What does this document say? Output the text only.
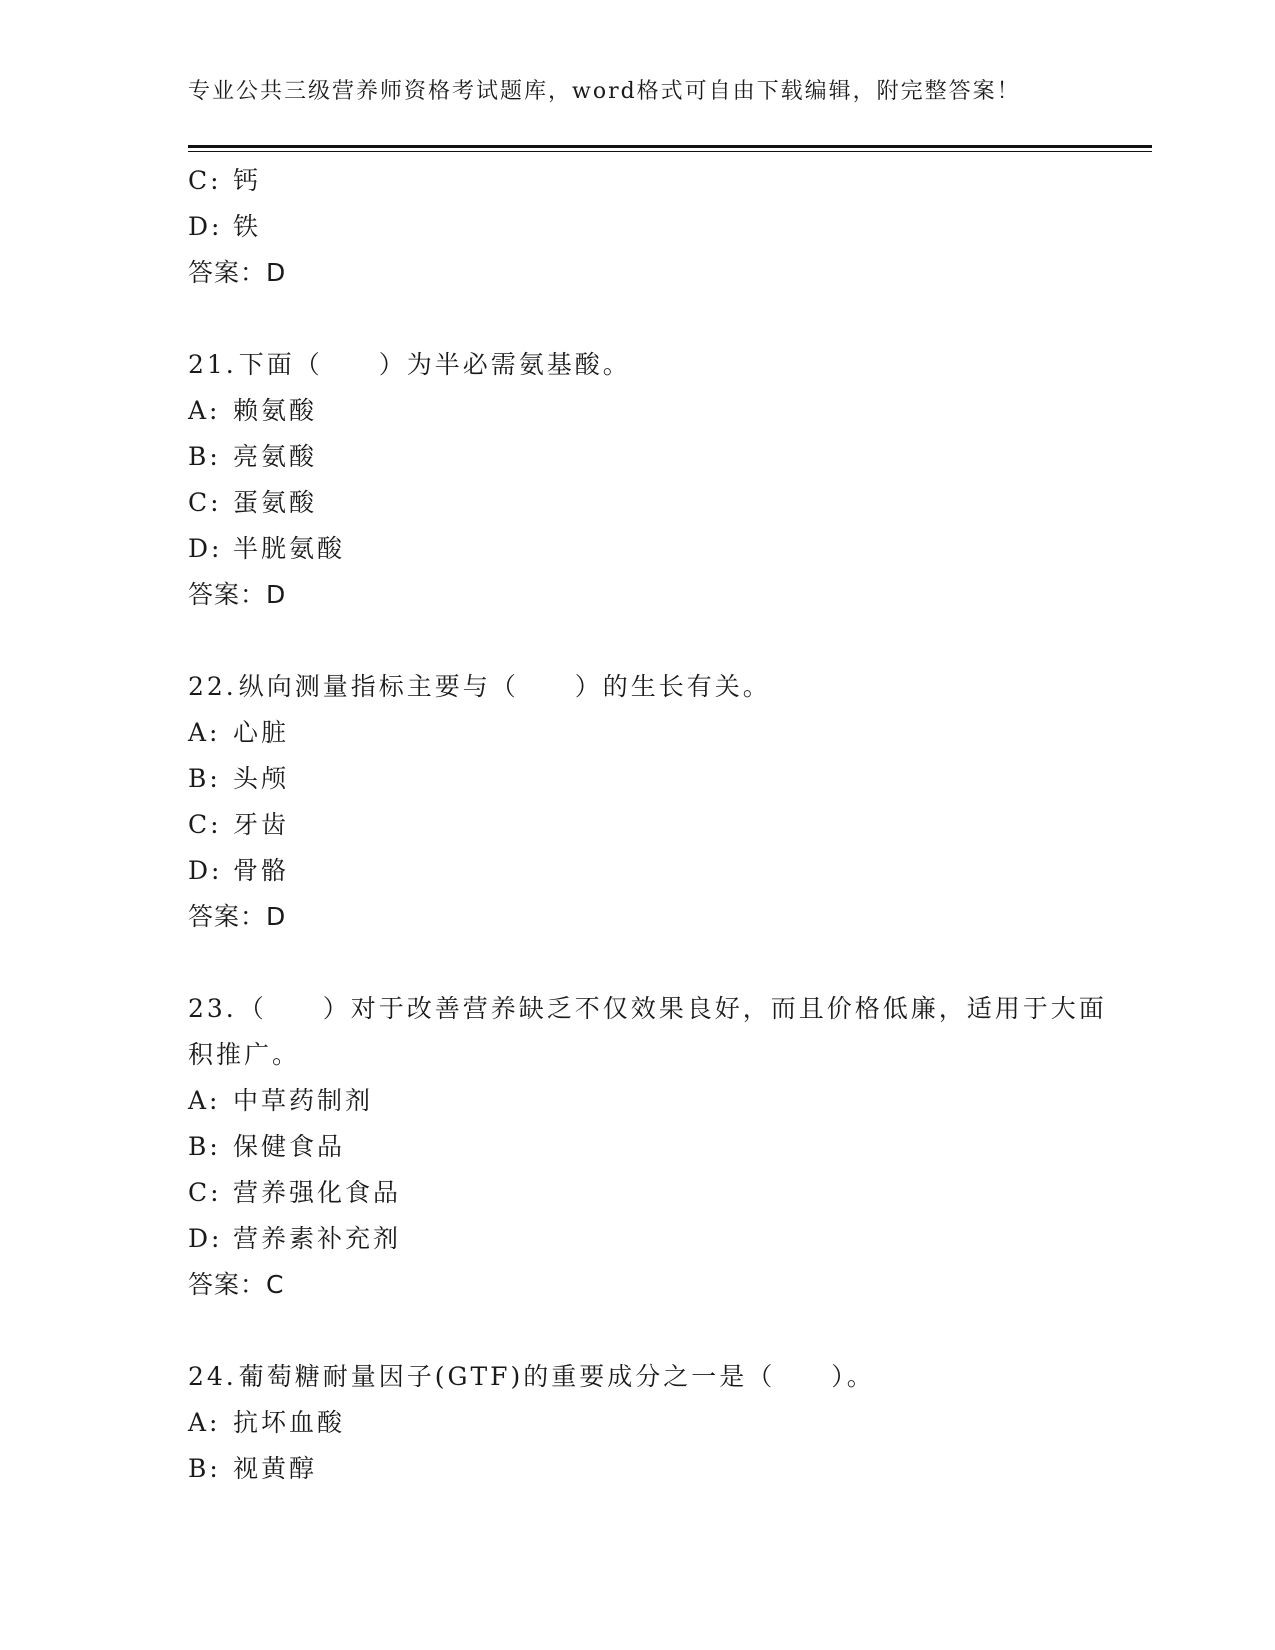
专业公共三级营养师资格考试题库，word格式可自由下载编辑，附完整答案！
C: 钙
D: 铁
答案：D
21.下面（　　）为半必需氨基酸。
A: 赖氨酸
B: 亮氨酸
C: 蛋氨酸
D: 半胱氨酸
答案：D
22.纵向测量指标主要与（　　）的生长有关。
A: 心脏
B: 头颅
C: 牙齿
D: 骨骼
答案：D
23.（　　）对于改善营养缺乏不仅效果良好，而且价格低廉，适用于大面积推广。
A: 中草药制剂
B: 保健食品
C: 营养强化食品
D: 营养素补充剂
答案：C
24.葡萄糖耐量因子(GTF)的重要成分之一是（　　）。
A: 抗坏血酸
B: 视黄醇
